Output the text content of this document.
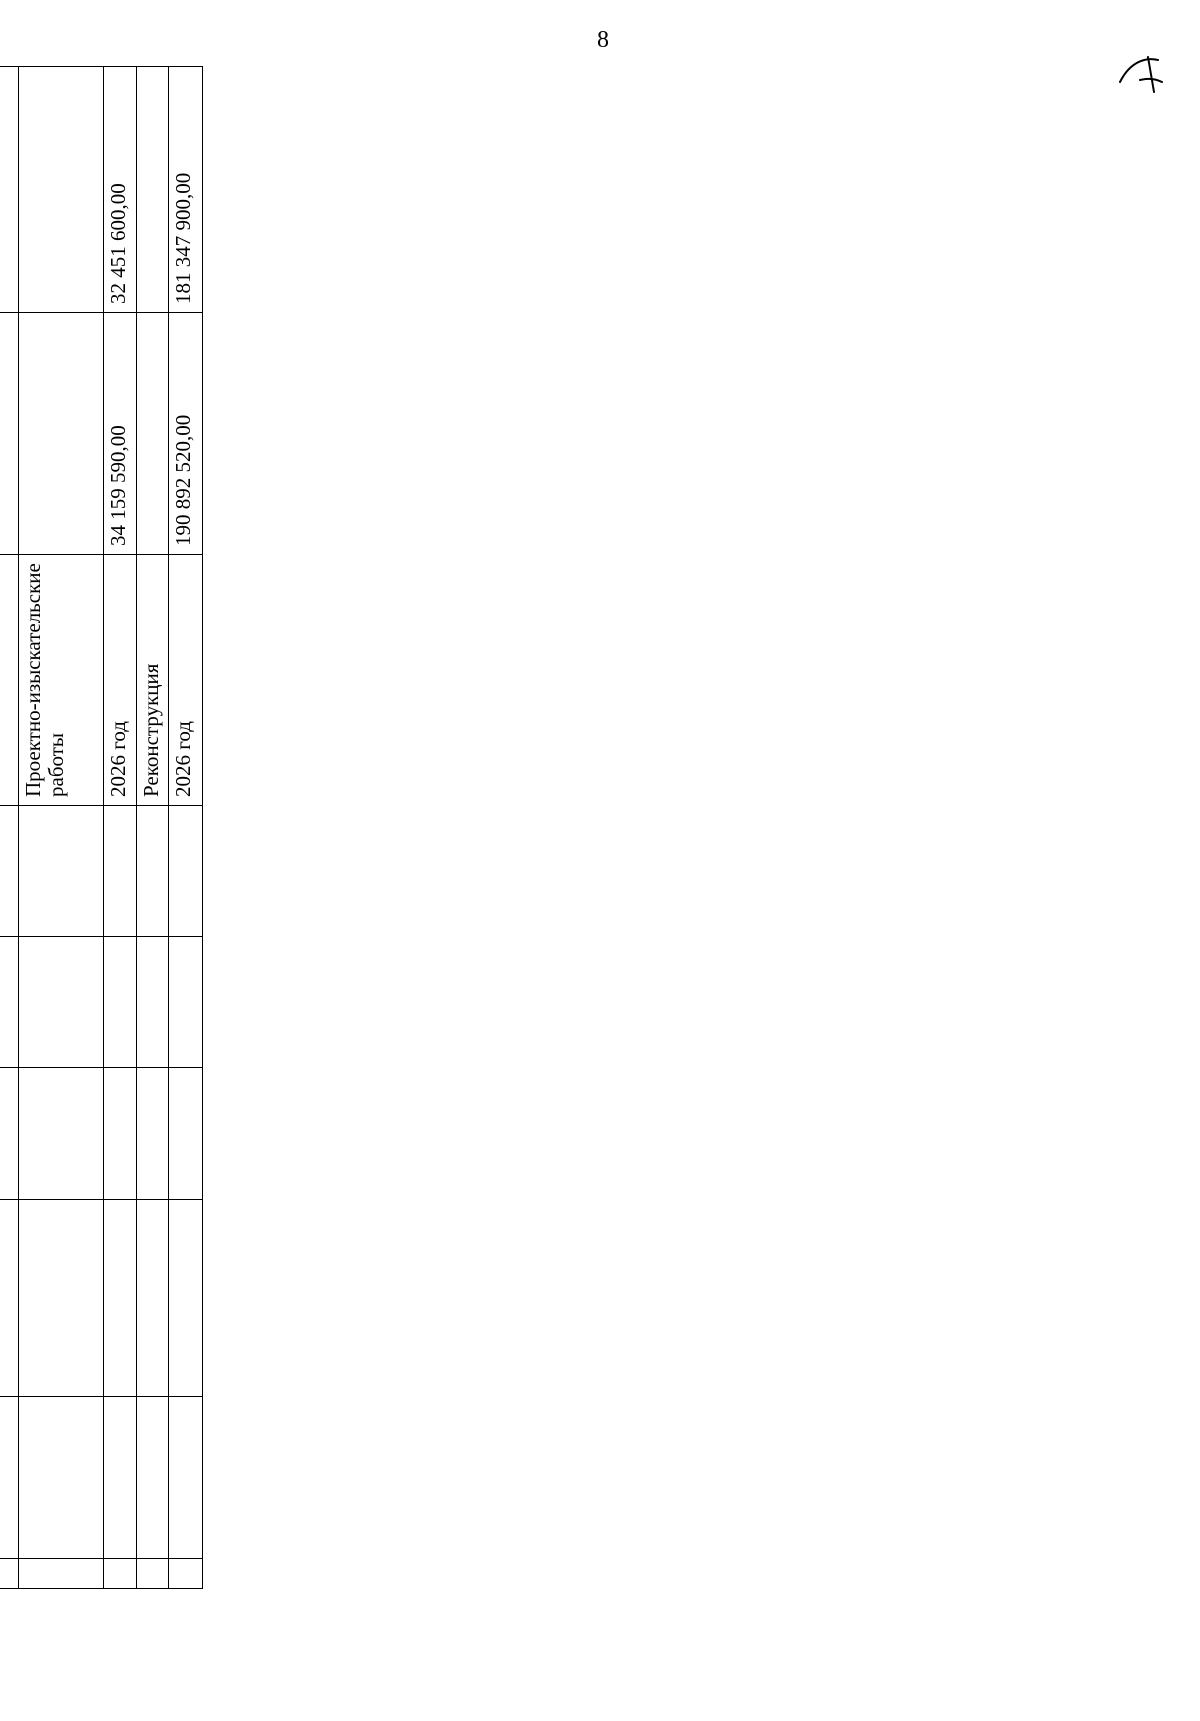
8

						Проектно-изыскательские работы		
						2026 год	34 159 590,00	32 451 600,00
						Реконструкция		
						2026 год	190 892 520,00	181 347 900,00
